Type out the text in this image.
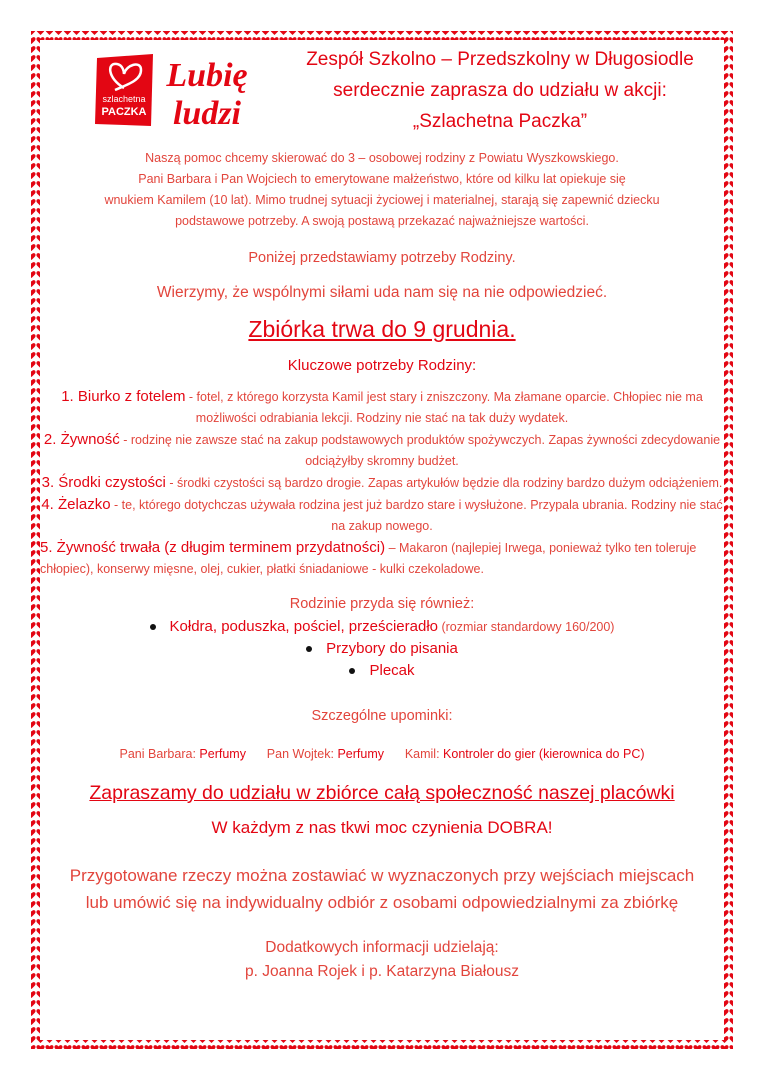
szlachetna
PACZKA
Lubię
ludzi
Zespół Szkolno – Przedszkolny w Długosiodle
serdecznie zaprasza do udziału w akcji:
„Szlachetna Paczka”
Naszą pomoc chcemy skierować do 3 – osobowej rodziny z Powiatu Wyszkowskiego.
Pani Barbara i Pan Wojciech to emerytowane małżeństwo, które od kilku lat opiekuje się
wnukiem Kamilem (10 lat). Mimo trudnej sytuacji życiowej i materialnej, starają się zapewnić dziecku
podstawowe potrzeby. A swoją postawą przekazać najważniejsze wartości.
Poniżej przedstawiamy potrzeby Rodziny.
Wierzymy, że wspólnymi siłami uda nam się na nie odpowiedzieć.
Zbiórka trwa do 9 grudnia.
Kluczowe potrzeby Rodziny:
1. Biurko z fotelem - fotel, z którego korzysta Kamil jest stary i zniszczony. Ma złamane oparcie. Chłopiec nie ma możliwości odrabiania lekcji. Rodziny nie stać na tak duży wydatek.
2. Żywność - rodzinę nie zawsze stać na zakup podstawowych produktów spożywczych. Zapas żywności zdecydowanie odciążyłby skromny budżet.
3. Środki czystości - środki czystości są bardzo drogie. Zapas artykułów będzie dla rodziny bardzo dużym odciążeniem.
4. Żelazko - te, którego dotychczas używała rodzina jest już bardzo stare i wysłużone. Przypala ubrania. Rodziny nie stać na zakup nowego.
5. Żywność trwała (z długim terminem przydatności) – Makaron (najlepiej Irwega, ponieważ tylko ten toleruje chłopiec), konserwy mięsne, olej, cukier, płatki śniadaniowe - kulki czekoladowe.
Rodzinie przyda się również:
Kołdra, poduszka, pościel, prześcieradło (rozmiar standardowy 160/200)
Przybory do pisania
Plecak
Szczególne upominki:
Pani Barbara: Perfumy Pan Wojtek: Perfumy Kamil: Kontroler do gier (kierownica do PC)
Zapraszamy do udziału w zbiórce całą społeczność naszej placówki
W każdym z nas tkwi moc czynienia DOBRA!
Przygotowane rzeczy można zostawiać w wyznaczonych przy wejściach miejscach
lub umówić się na indywidualny odbiór z osobami odpowiedzialnymi za zbiórkę
Dodatkowych informacji udzielają:
p. Joanna Rojek i p. Katarzyna Białousz
